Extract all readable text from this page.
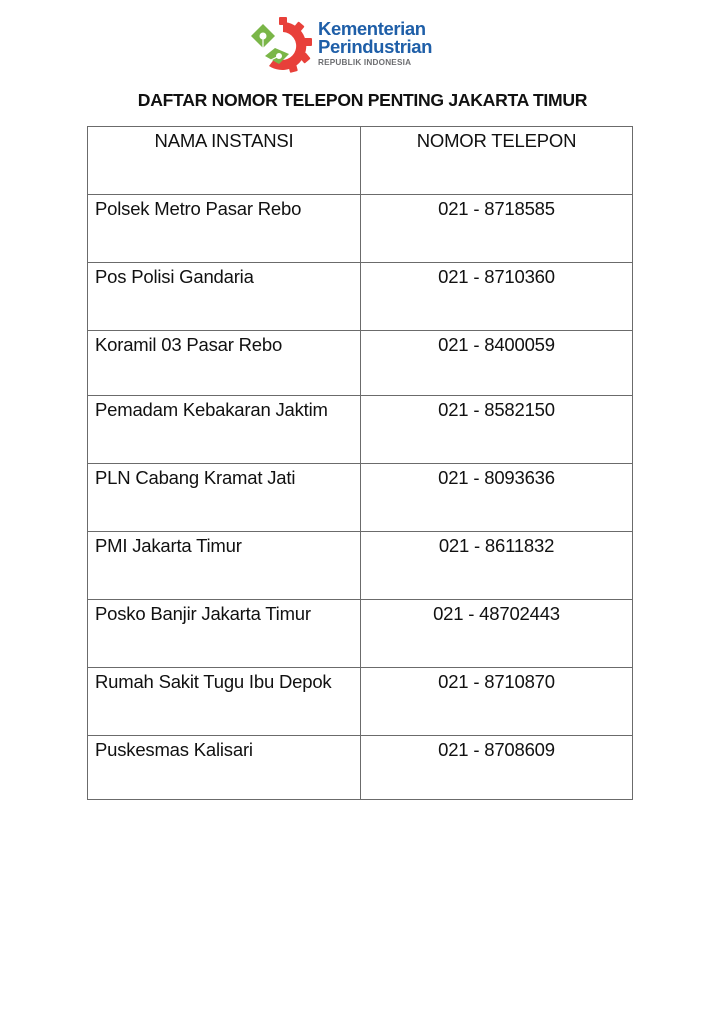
Kementerian
Perindustrian
REPUBLIK INDONESIA
DAFTAR NOMOR TELEPON PENTING JAKARTA TIMUR
NAMA INSTANSI	NOMOR TELEPON
Polsek Metro Pasar Rebo	021 - 8718585
Pos Polisi Gandaria	021 - 8710360
Koramil 03 Pasar Rebo	021 - 8400059
Pemadam Kebakaran Jaktim	021 - 8582150
PLN Cabang Kramat Jati	021 - 8093636
PMI Jakarta Timur	021 - 8611832
Posko Banjir Jakarta Timur	021 - 48702443
Rumah Sakit Tugu Ibu Depok	021 - 8710870
Puskesmas Kalisari	021 - 8708609
